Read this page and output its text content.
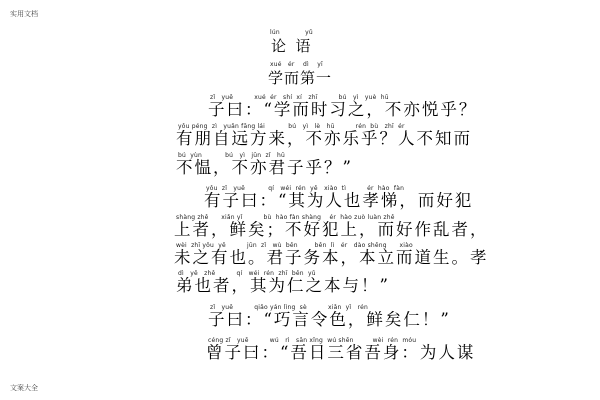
实用文档
lún            yǔ
论  语
xué   ér    dì    yī
学而第一
zǐ   yuē          xué  ér   shí  xí   zhī          bú   yì   yuè  hū
子曰：“学而时习之，不亦悦乎？
yǒu péng  zì   yuǎn fāng lái           bú   yì   lè   hū          rén  bù   zhī  ér
有朋自远方来，不亦乐乎？人不知而
bú  yùn           bú   yì   jūn  zǐ   hū
不愠，不亦君子乎？”
yǒu  zǐ   yuē           qí   wéi  rén  yě   xiào  tì          ér  hào  fàn
有子曰：“其为人也孝悌，而好犯
shàng zhě      xiǎn yǐ          bù  hào fàn shàng    ér  hào zuò luàn zhě
上者，鲜矣；不好犯上，而好作乱者，
wèi  zhī yǒu  yě          jūn  zǐ   wù  běn        běn  lì   ér   dào shēng      xiào
未之有也。君子务本，本立而道生。孝
dì   yě   zhě          qí   wéi  rén  zhī  běn  yǔ
弟也者，其为仁之本与！”
zǐ   yuē          qiǎo yán lìng  sè          xiǎn  yǐ   rén
子曰：“巧言令色，鲜矣仁！”
céng zǐ   yuē          wú   rì   sān xǐng  wú shēn         wèi  rén  móu
曾子曰：“吾日三省吾身：为人谋
文案大全
